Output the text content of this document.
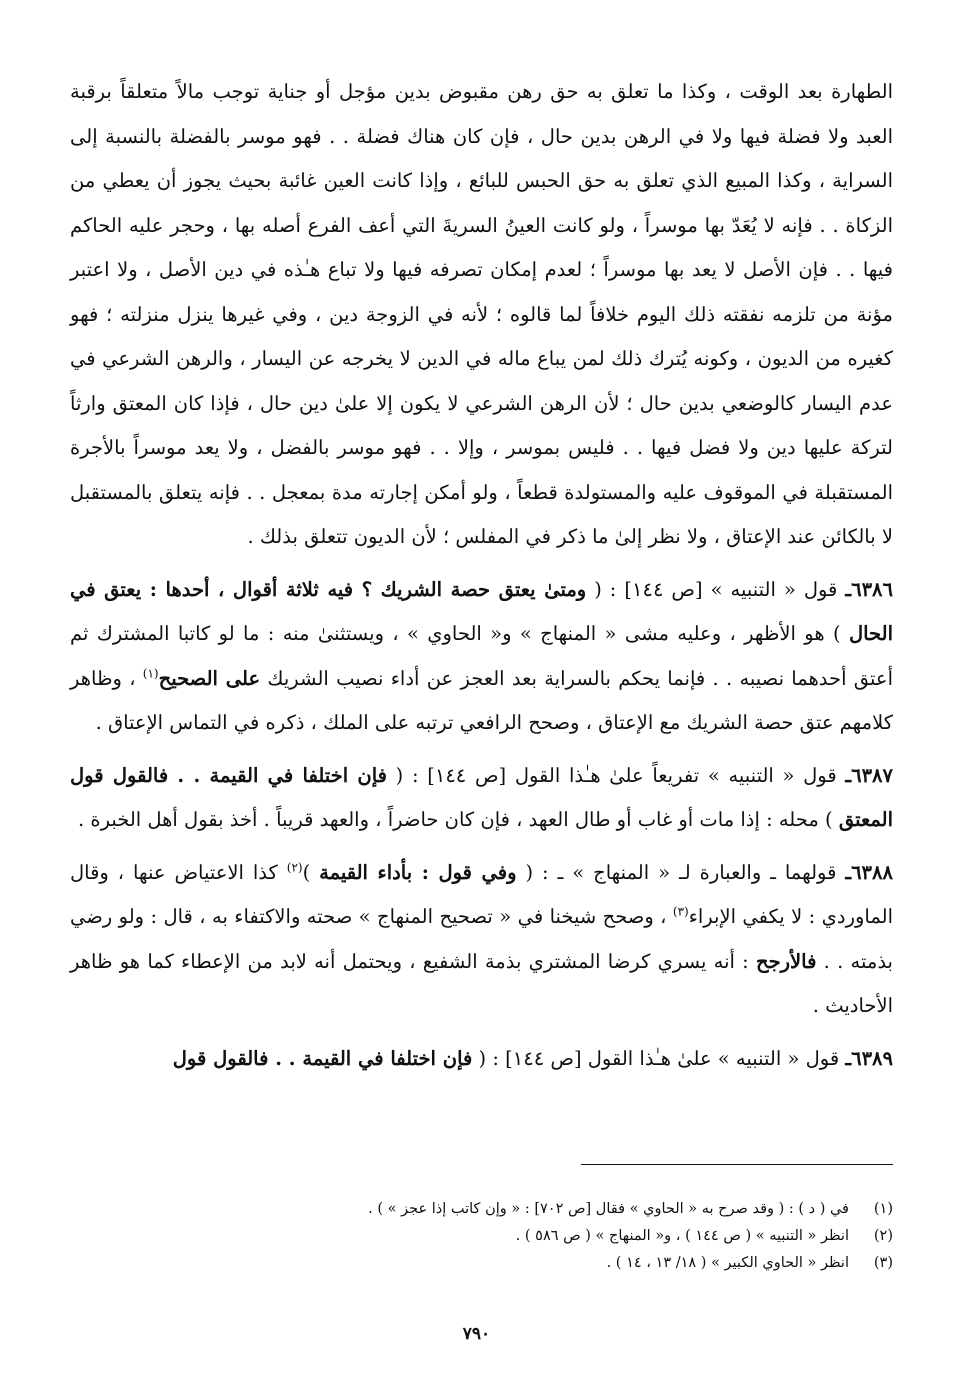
الطهارة بعد الوقت ، وكذا ما تعلق به حق رهن مقبوض بدين مؤجل أو جناية توجب مالاً متعلقاً برقبة العبد ولا فضلة فيها ولا في الرهن بدين حال ، فإن كان هناك فضلة . . فهو موسر بالفضلة بالنسبة إلى السراية ، وكذا المبيع الذي تعلق به حق الحبس للبائع ، وإذا كانت العين غائبة بحيث يجوز أن يعطي من الزكاة . . فإنه لا يُعَدّ بها موسراً ، ولو كانت العينُ السريةَ التي أعف الفرع أصله بها ، وحجر عليه الحاكم فيها . . فإن الأصل لا يعد بها موسراً ؛ لعدم إمكان تصرفه فيها ولا تباع هـٰذه في دين الأصل ، ولا اعتبر مؤنة من تلزمه نفقته ذلك اليوم خلافاً لما قالوه ؛ لأنه في الزوجة دين ، وفي غيرها ينزل منزلته ؛ فهو كغيره من الديون ، وكونه يُترك ذلك لمن يباع ماله في الدين لا يخرجه عن اليسار ، والرهن الشرعي في عدم اليسار كالوضعي بدين حال ؛ لأن الرهن الشرعي لا يكون إلا علىٰ دين حال ، فإذا كان المعتق وارثاً لتركة عليها دين ولا فضل فيها . . فليس بموسر ، وإلا . . فهو موسر بالفضل ، ولا يعد موسراً بالأجرة المستقبلة في الموقوف عليه والمستولدة قطعاً ، ولو أمكن إجارته مدة بمعجل . . فإنه يتعلق بالمستقبل لا بالكائن عند الإعتاق ، ولا نظر إلىٰ ما ذكر في المفلس ؛ لأن الديون تتعلق بذلك .

٦٣٨٦ـ قول « التنبيه » [ص ١٤٤] : ( ومتىٰ يعتق حصة الشريك ؟ فيه ثلاثة أقوال ، أحدها : يعتق في الحال ) هو الأظهر ، وعليه مشى « المنهاج » و« الحاوي » ، ويستثنىٰ منه : ما لو كاتبا المشترك ثم أعتق أحدهما نصيبه . . فإنما يحكم بالسراية بعد العجز عن أداء نصيب الشريك على الصحيح$^{(١)}$ ، وظاهر كلامهم عتق حصة الشريك مع الإعتاق ، وصحح الرافعي ترتبه على الملك ، ذكره في التماس الإعتاق .

٦٣٨٧ـ قول « التنبيه » تفريعاً علىٰ هـٰذا القول [ص ١٤٤] : ( فإن اختلفا في القيمة . . فالقول قول المعتق ) محله : إذا مات أو غاب أو طال العهد ، فإن كان حاضراً ، والعهد قريباً . أخذ بقول أهل الخبرة .

٦٣٨٨ـ قولهما ـ والعبارة لـ « المنهاج » ـ : ( وفي قول : بأداء القيمة )$^{(٢)}$ كذا الاعتياض عنها ، وقال الماوردي : لا يكفي الإبراء$^{(٣)}$ ، وصحح شيخنا في « تصحيح المنهاج » صحته والاكتفاء به ، قال : ولو رضي بذمته . . فالأرجح : أنه يسري كرضا المشتري بذمة الشفيع ، ويحتمل أنه لابد من الإعطاء كما هو ظاهر الأحاديث .

٦٣٨٩ـ قول « التنبيه » علىٰ هـٰذا القول [ص ١٤٤] : ( فإن اختلفا في القيمة . . فالقول قول

(١)
في ( د ) : ( وقد صرح به « الحاوي » فقال [ص ٧٠٢] : « وإن كاتب إذا عجز » ) .
(٢)
انظر « التنبيه » ( ص ١٤٤ ) ، و« المنهاج » ( ص ٥٨٦ ) .
(٣)
انظر « الحاوي الكبير » ( ١٨/ ١٣ ، ١٤ ) .
٧٩٠
